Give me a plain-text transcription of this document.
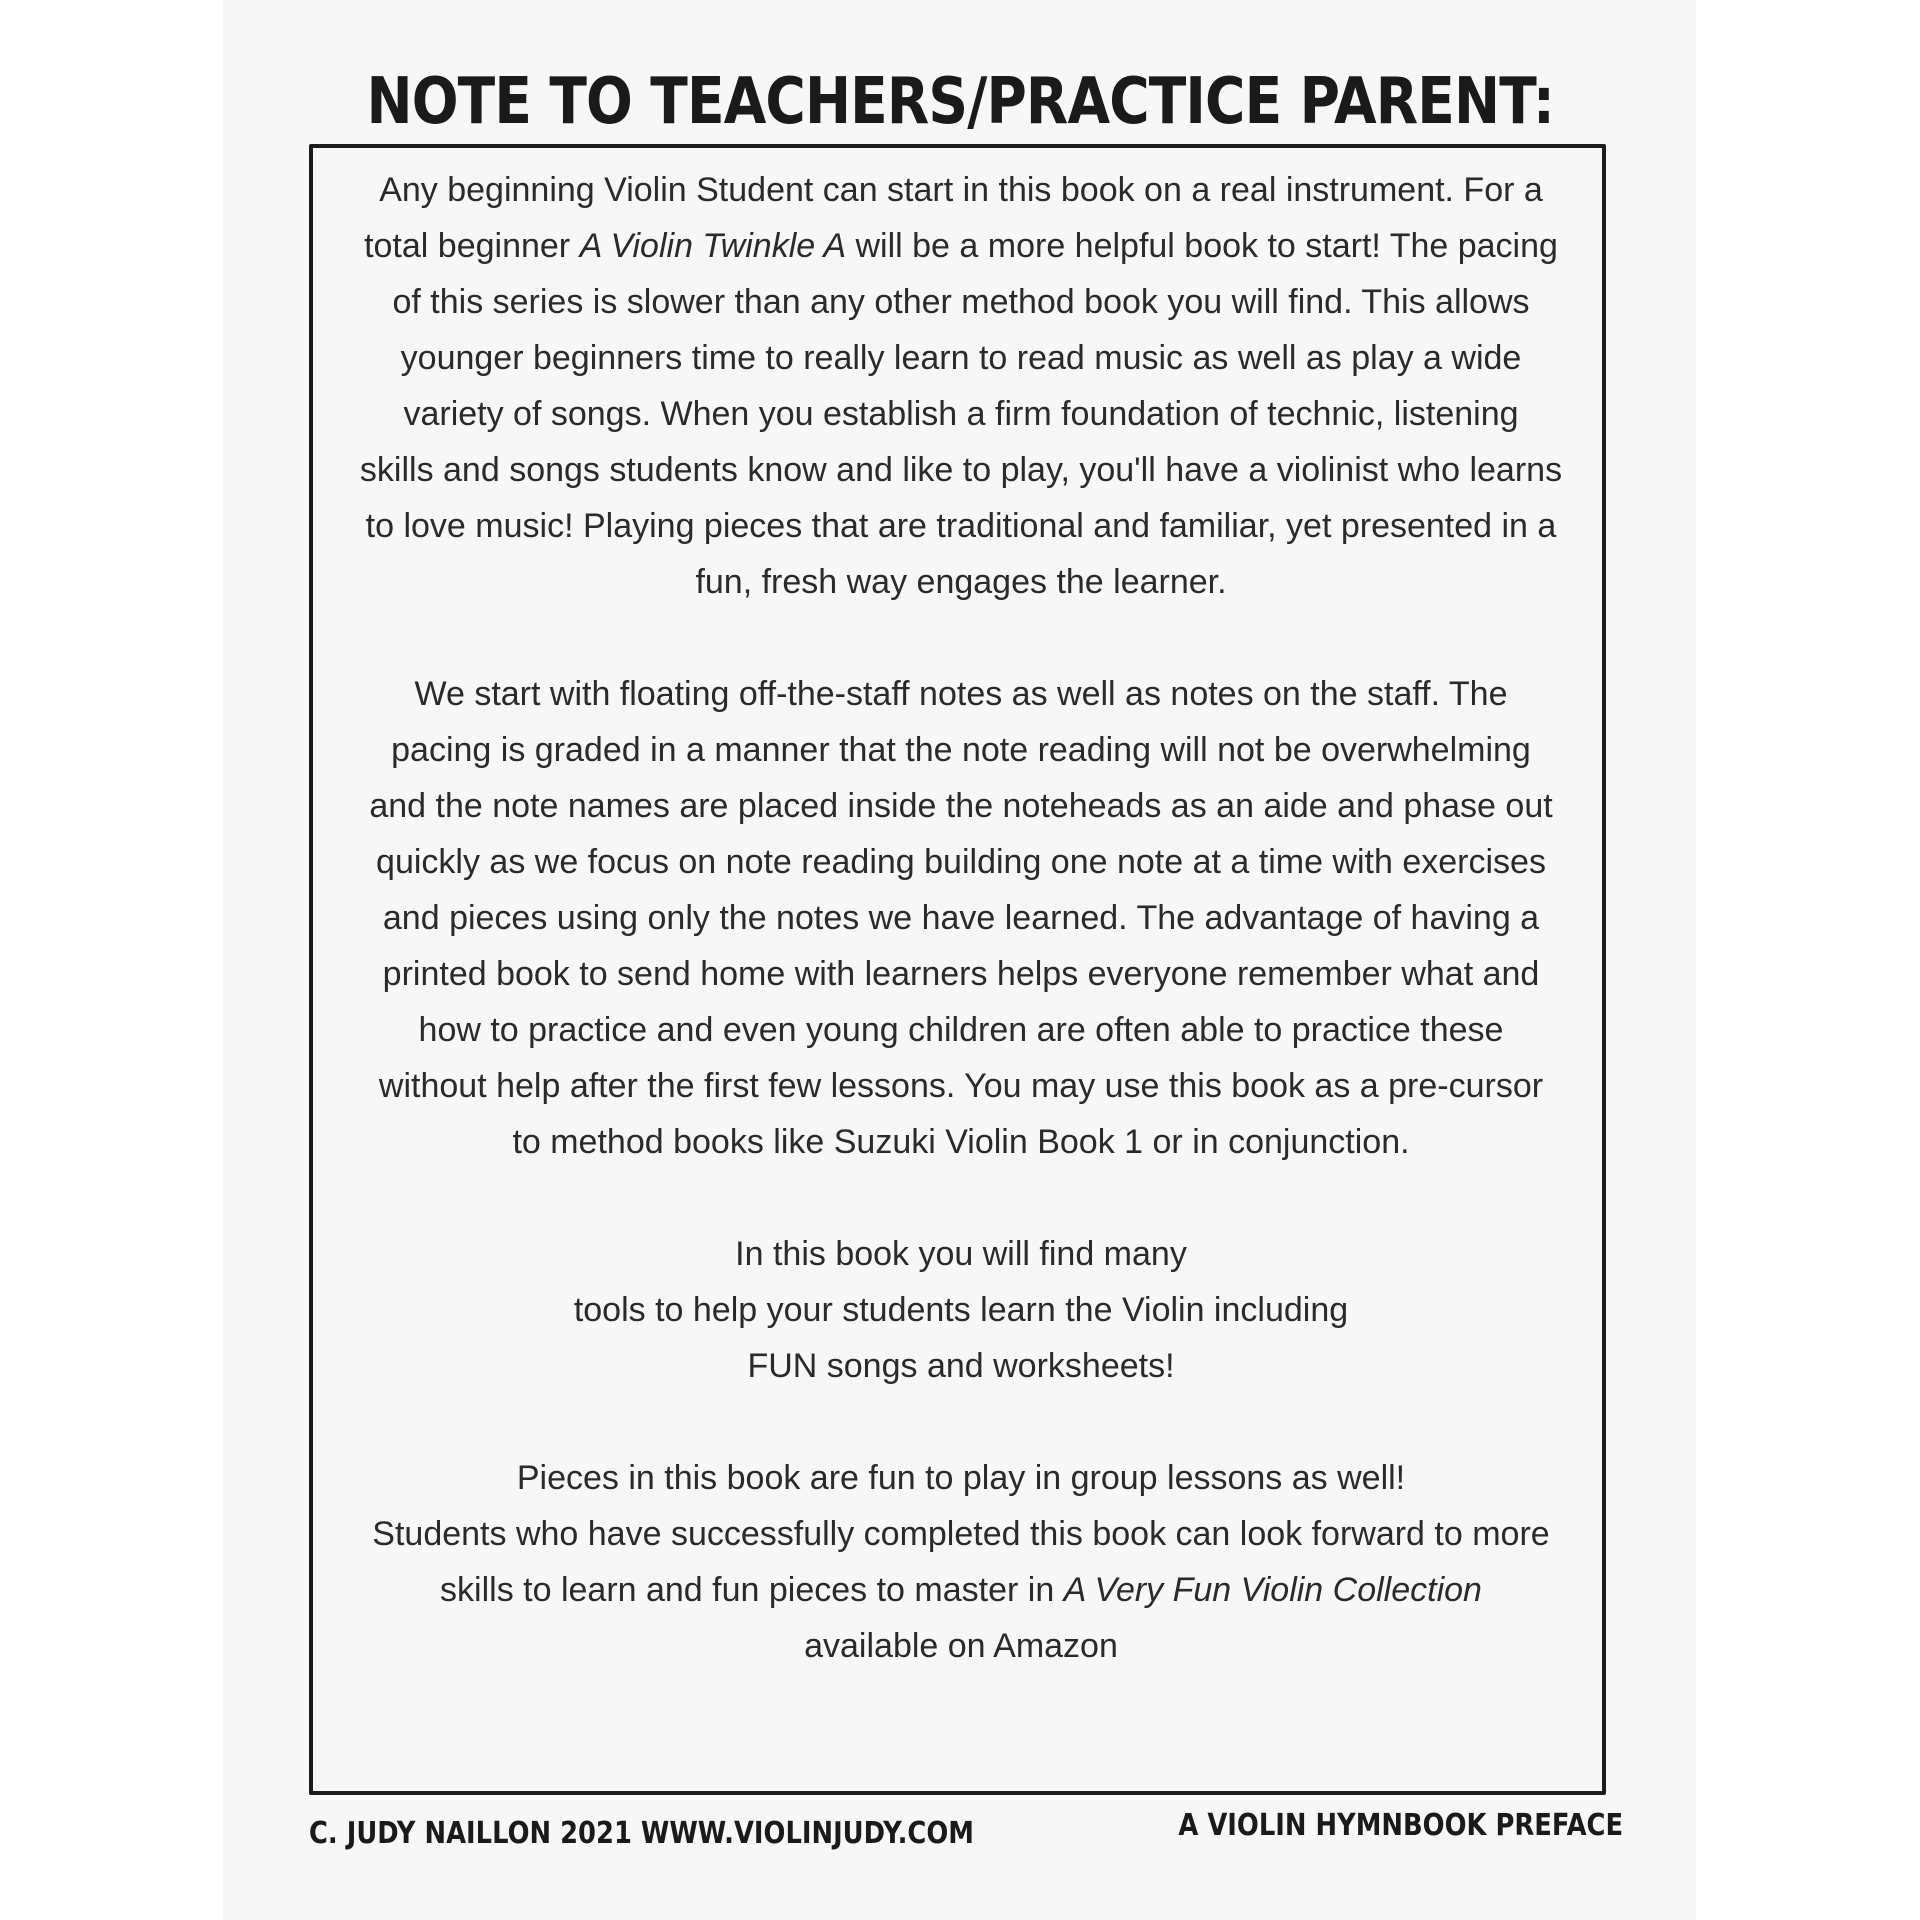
NOTE TO TEACHERS/PRACTICE PARENT:

Any beginning Violin Student can start in this book on a real instrument. For a

total beginner A Violin Twinkle A will be a more helpful book to start! The pacing

of this series is slower than any other method book you will find. This allows

younger beginners time to really learn to read music as well as play a wide

variety of songs. When you establish a firm foundation of technic, listening

skills and songs students know and like to play, you'll have a violinist who learns

to love music! Playing pieces that are traditional and familiar, yet presented in a

fun, fresh way engages the learner.

We start with floating off-the-staff notes as well as notes on the staff. The

pacing is graded in a manner that the note reading will not be overwhelming

and the note names are placed inside the noteheads as an aide and phase out

quickly as we focus on note reading building one note at a time with exercises

and pieces using only the notes we have learned. The advantage of having a

printed book to send home with learners helps everyone remember what and

how to practice and even young children are often able to practice these

without help after the first few lessons. You may use this book as a pre-cursor

to method books like Suzuki Violin Book 1 or in conjunction.

In this book you will find many

tools to help your students learn the Violin including

FUN songs and worksheets!

Pieces in this book are fun to play in group lessons as well!

Students who have successfully completed this book can look forward to more

skills to learn and fun pieces to master in A Very Fun Violin Collection

available on Amazon

C. JUDY NAILLON 2021 WWW.VIOLINJUDY.COM	A VIOLIN HYMNBOOK PREFACE
